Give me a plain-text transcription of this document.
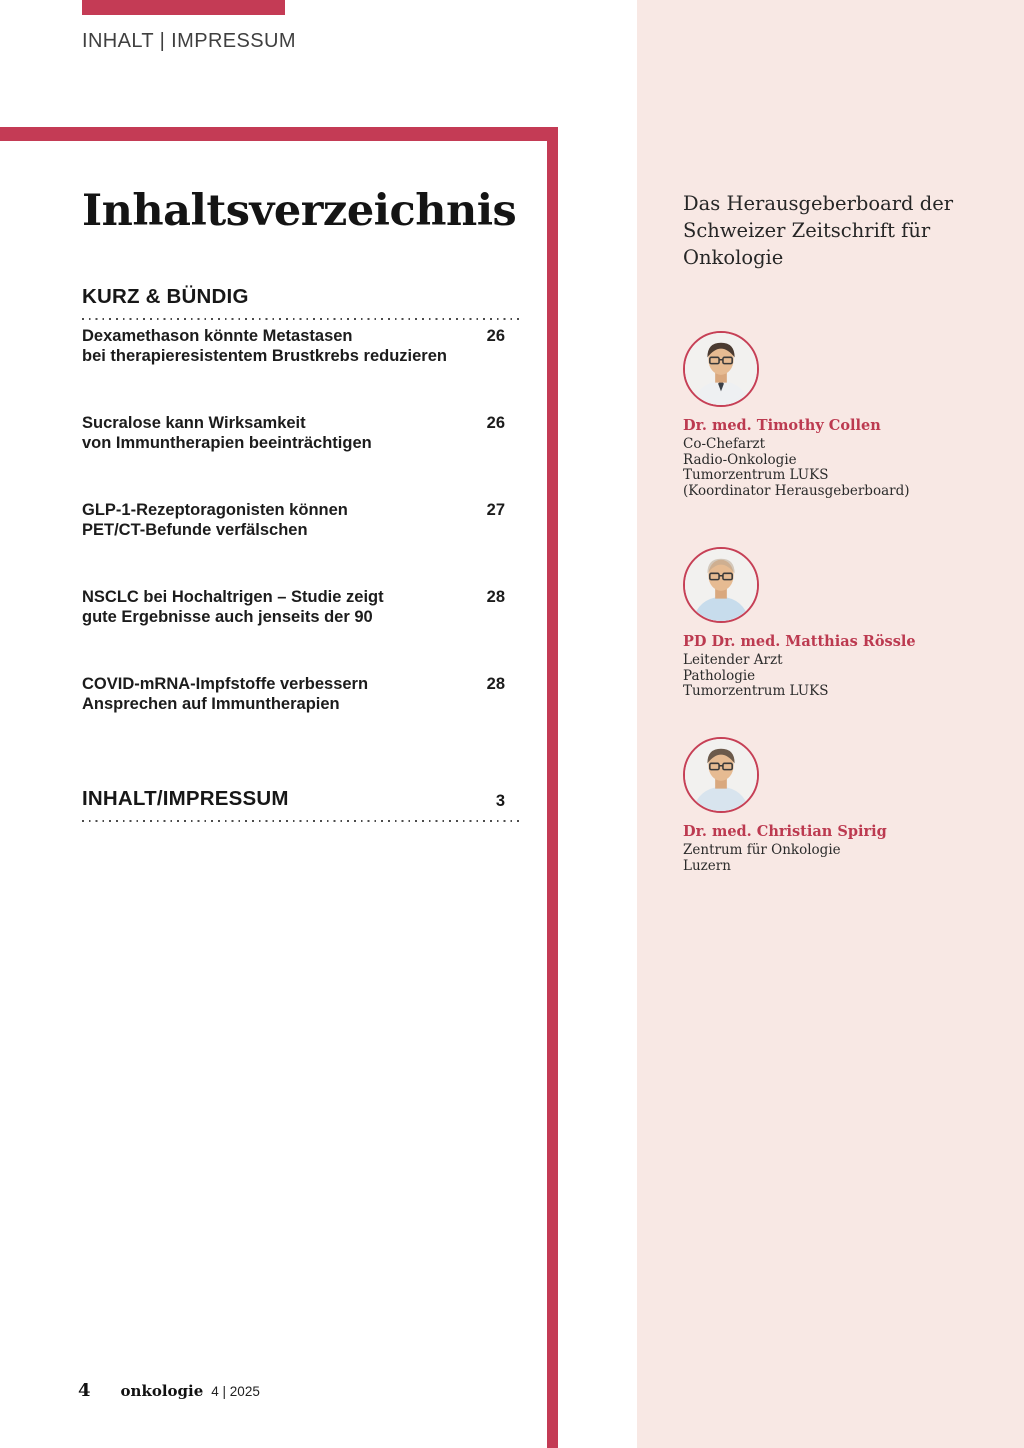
Das Herausgeberboard der
Schweizer Zeitschrift für
Onkologie
Dr. med. Timothy Collen
Co-Chefarzt
Radio-Onkologie
Tumorzentrum LUKS
(Koordinator Herausgeberboard)
PD Dr. med. Matthias Rössle
Leitender Arzt
Pathologie
Tumorzentrum LUKS
Dr. med. Christian Spirig
Zentrum für Onkologie
Luzern
INHALT | IMPRESSUM
Inhaltsverzeichnis
KURZ & BÜNDIG
Dexamethason könnte Metastasen
bei therapieresistentem Brustkrebs reduzieren
26
Sucralose kann Wirksamkeit
von Immuntherapien beeinträchtigen
26
GLP-1-Rezeptoragonisten können
PET/CT-Befunde verfälschen
27
NSCLC bei Hochaltrigen – Studie zeigt
gute Ergebnisse auch jenseits der 90
28
COVID-mRNA-Impfstoffe verbessern
Ansprechen auf Immuntherapien
28
INHALT/IMPRESSUM	3
4 onkologie 4 | 2025
